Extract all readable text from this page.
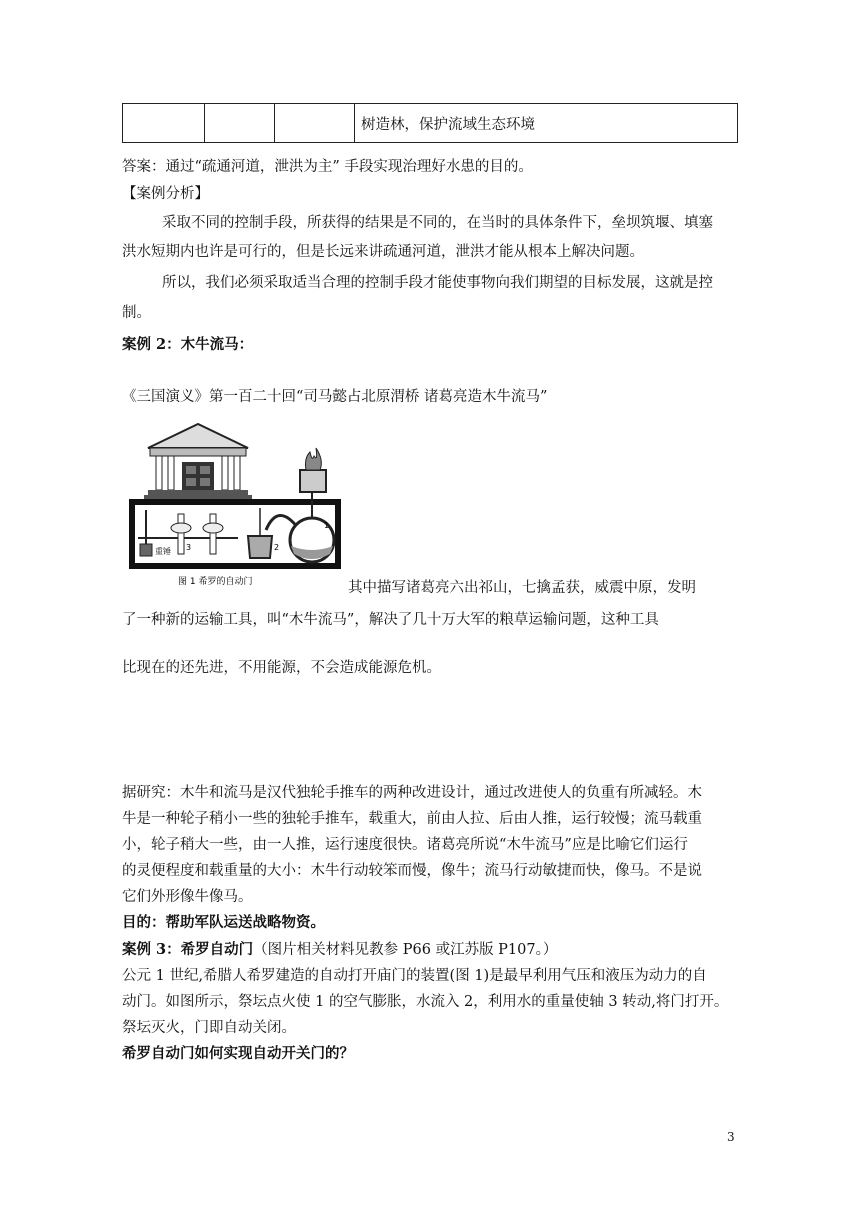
			树造林，保护流域生态环境
答案：通过“疏通河道，泄洪为主” 手段实现治理好水患的目的。
【案例分析】
采取不同的控制手段，所获得的结果是不同的，在当时的具体条件下，垒坝筑堰、填塞
洪水短期内也许是可行的，但是长远来讲疏通河道，泄洪才能从根本上解决问题。
所以，我们必须采取适当合理的控制手段才能使事物向我们期望的目标发展，这就是控
制。
案例 2：木牛流马：
《三国演义》第一百二十回“司马懿占北原渭桥 诸葛亮造木牛流马”
重锤 3	2
1
图 1 希罗的自动门	其中描写诸葛亮六出祁山，七擒孟获，威震中原，发明
了一种新的运输工具，叫“木牛流马”，解决了几十万大军的粮草运输问题，这种工具
比现在的还先进，不用能源，不会造成能源危机。
据研究：木牛和流马是汉代独轮手推车的两种改进设计，通过改进使人的负重有所减轻。木
牛是一种轮子稍小一些的独轮手推车，载重大，前由人拉、后由人推，运行较慢；流马载重
小，轮子稍大一些，由一人推，运行速度很快。诸葛亮所说“木牛流马”应是比喻它们运行
的灵便程度和载重量的大小：木牛行动较笨而慢，像牛；流马行动敏捷而快，像马。不是说
它们外形像牛像马。
目的：帮助军队运送战略物资。
案例 3：希罗自动门（图片相关材料见教参 P66 或江苏版 P107。）
公元 1 世纪,希腊人希罗建造的自动打开庙门的装置(图 1)是最早利用气压和液压为动力的自
动门。如图所示，祭坛点火使 1 的空气膨胀，水流入 2，利用水的重量使轴 3 转动,将门打开。
祭坛灭火，门即自动关闭。
希罗自动门如何实现自动开关门的？
3
